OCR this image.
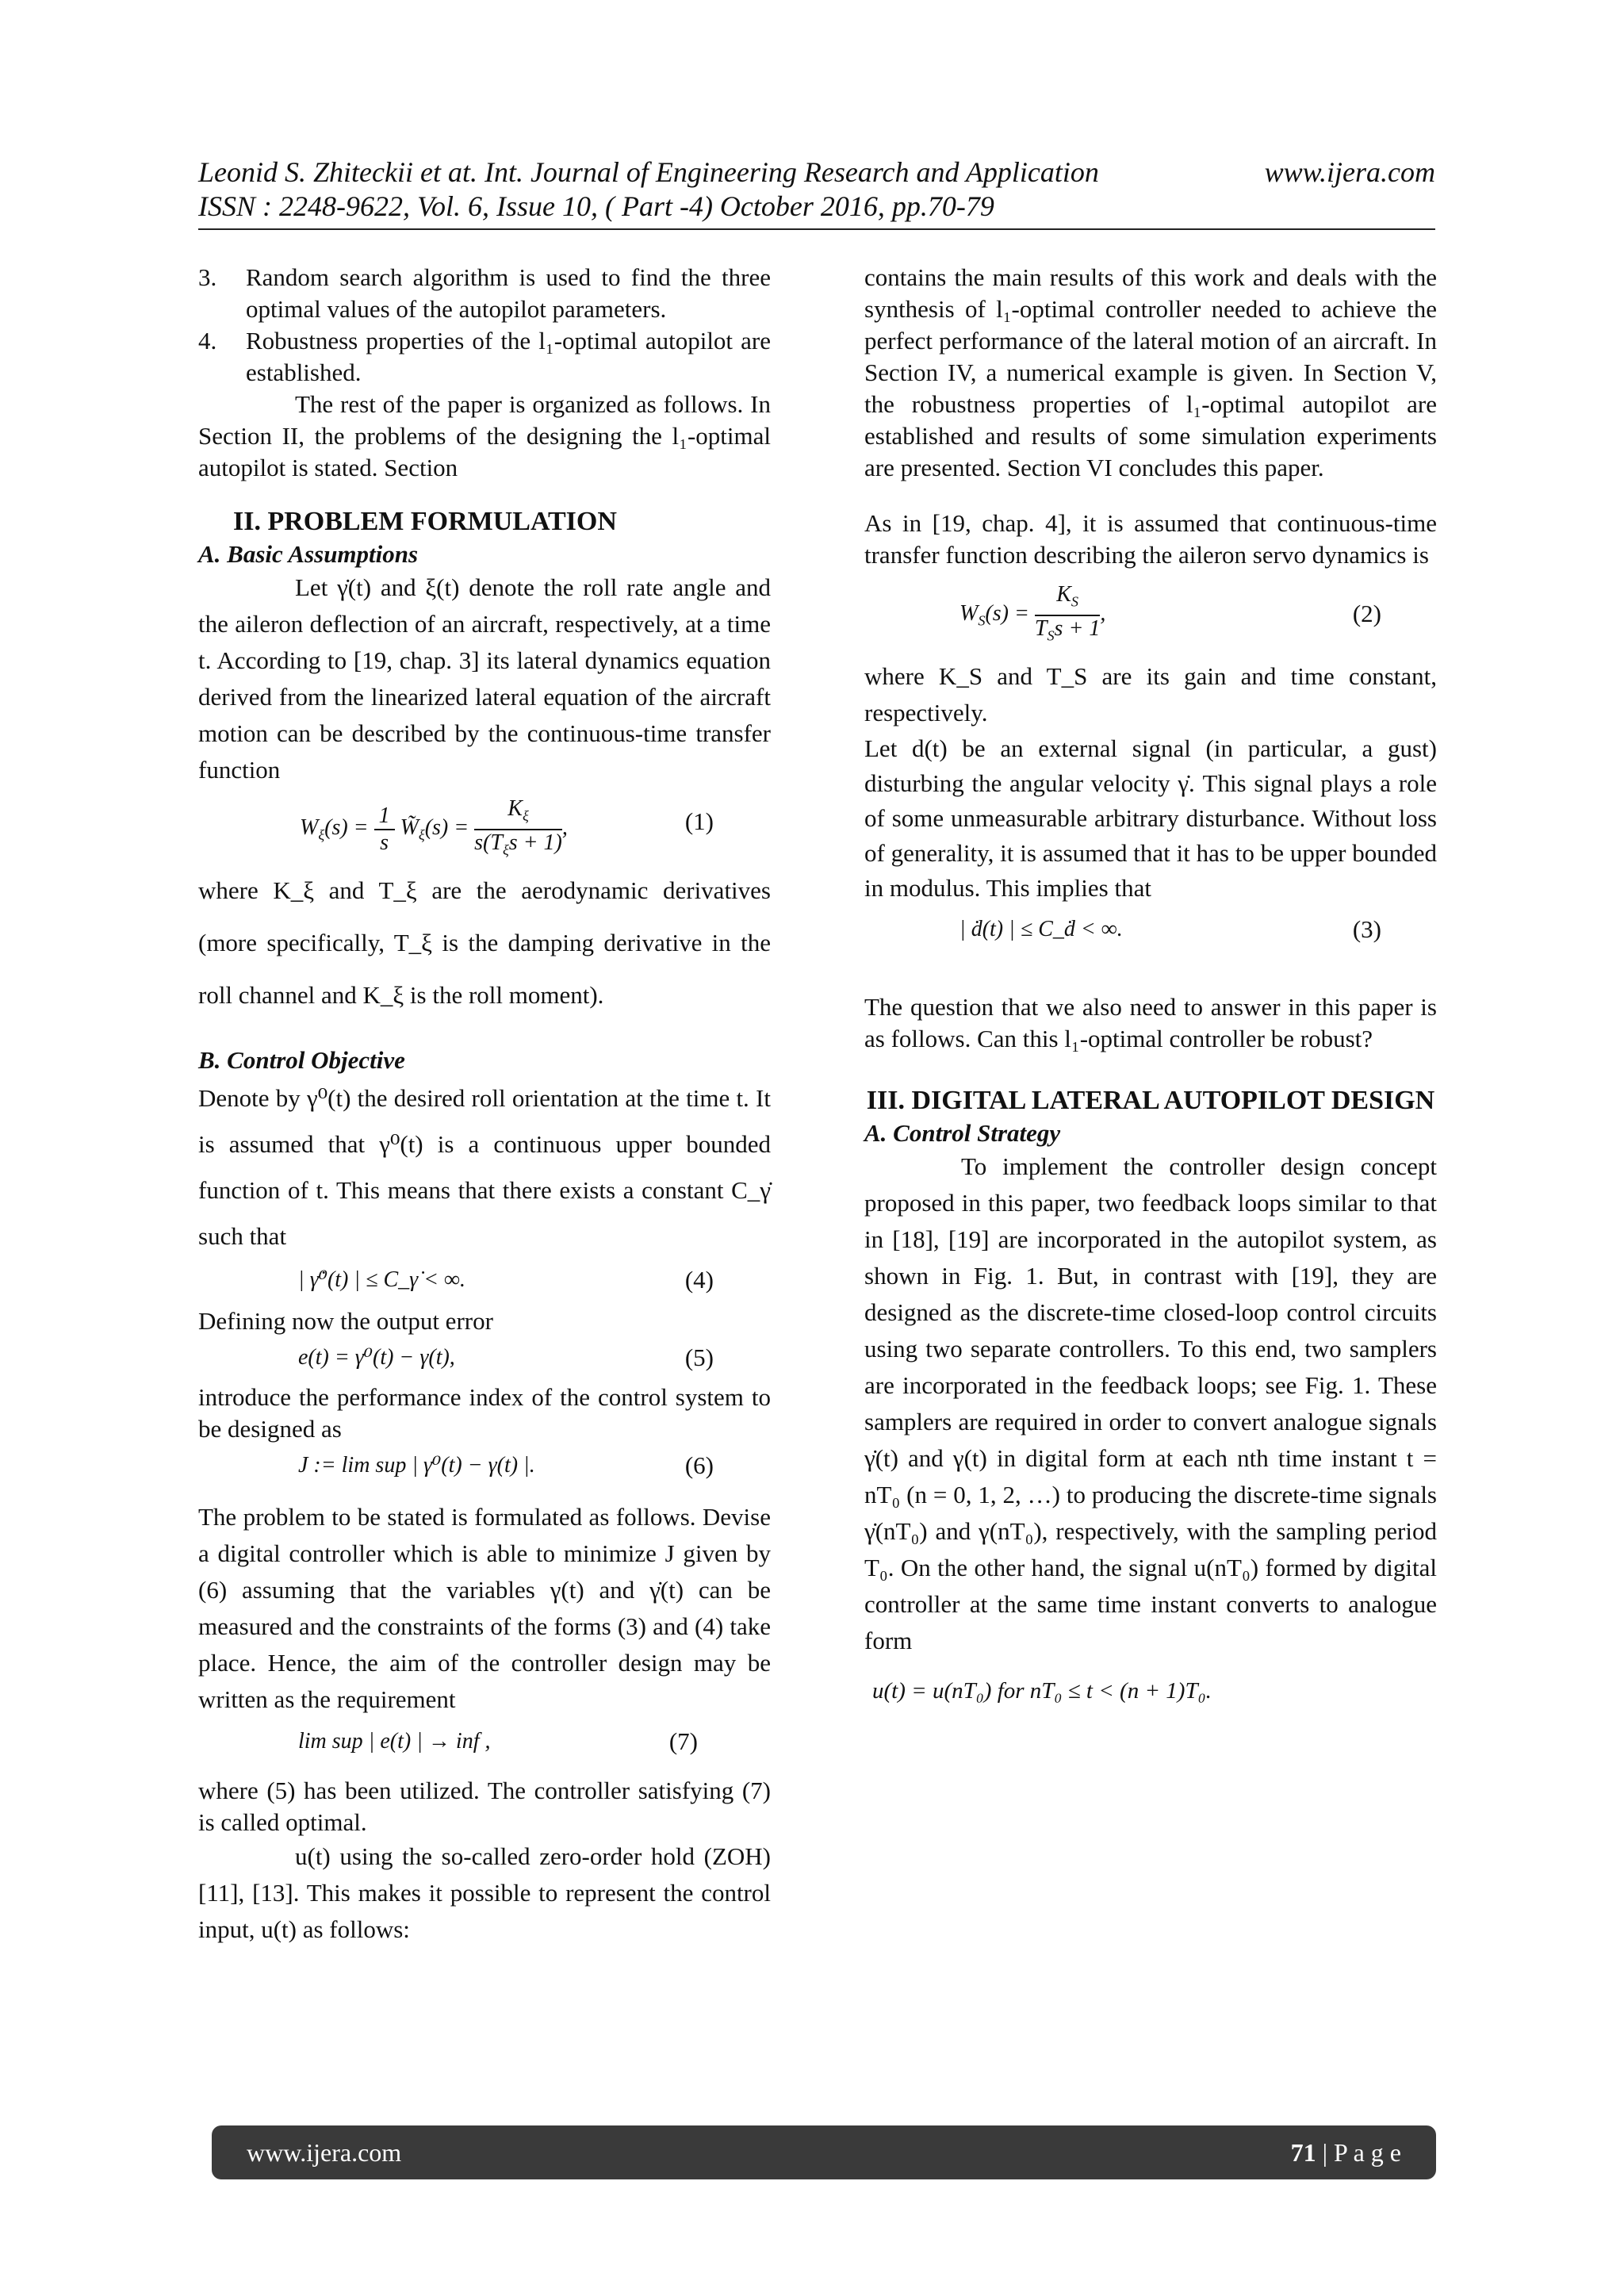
Leonid S. Zhiteckii et at. Int. Journal of Engineering Research and Application	www.ijera.com
ISSN : 2248-9622, Vol. 6, Issue 10, ( Part -4) October 2016, pp.70-79
3.	Random search algorithm is used to find the three optimal values of the autopilot parameters.
4.	Robustness properties of the l₁-optimal autopilot are established.

The rest of the paper is organized as follows. In Section II, the problems of the designing the l₁-optimal autopilot is stated. Section

II. PROBLEM FORMULATION
A. Basic Assumptions

Let γ̇(t) and ξ(t) denote the roll rate angle and the aileron deflection of an aircraft, respectively, at a time t. According to [19, chap. 3] its lateral dynamics equation derived from the linearized lateral equation of the aircraft motion can be described by the continuous-time transfer function

$W_\xi(s) = \frac{1}{s}$ $W̃_\xi(s) = \frac{K_\xi}{s(T_\xi s + 1)}$ ,	(1)

where K_ξ and T_ξ are the aerodynamic derivatives (more specifically, T_ξ is the damping derivative in the roll channel and K_ξ is the roll moment).

B. Control Objective

Denote by γ⁰(t) the desired roll orientation at the time t. It is assumed that γ⁰(t) is a continuous upper bounded function of t. This means that there exists a constant C_γ̇ such that

| γ̇⁰(t) | ≤ C_γ̇ < ∞.	(4)

Defining now the output error

e(t) = γ⁰(t) − γ(t),	(5)

introduce the performance index of the control system to be designed as

J := lim sup | γ⁰(t) − γ(t) |.	(6)

The problem to be stated is formulated as follows. Devise a digital controller which is able to minimize J given by (6) assuming that the variables γ(t) and γ̇(t) can be measured and the constraints of the forms (3) and (4) take place. Hence, the aim of the controller design may be written as the requirement

lim sup | e(t) | → inf ,	(7)

where (5) has been utilized. The controller satisfying (7) is called optimal.

u(t) using the so-called zero-order hold (ZOH) [11], [13]. This makes it possible to represent the control input, u(t) as follows:

contains the main results of this work and deals with the synthesis of l₁-optimal controller needed to achieve the perfect performance of the lateral motion of an aircraft. In Section IV, a numerical example is given. In Section V, the robustness properties of l₁-optimal autopilot are established and results of some simulation experiments are presented. Section VI concludes this paper.

As in [19, chap. 4], it is assumed that continuous-time transfer function describing the aileron servo dynamics is

$W_S(s) = \frac{K_S}{T_Ss + 1}$ ,	(2)

where K_S and T_S are its gain and time constant, respectively.

Let d(t) be an external signal (in particular, a gust) disturbing the angular velocity γ̇. This signal plays a role of some unmeasurable arbitrary disturbance. Without loss of generality, it is assumed that it has to be upper bounded in modulus. This implies that

| ḋ(t) | ≤ C_ḋ < ∞.	(3)

The question that we also need to answer in this paper is as follows. Can this l₁-optimal controller be robust?

III. DIGITAL LATERAL AUTOPILOT DESIGN
A. Control Strategy

To implement the controller design concept proposed in this paper, two feedback loops similar to that in [18], [19] are incorporated in the autopilot system, as shown in Fig. 1. But, in contrast with [19], they are designed as the discrete-time closed-loop control circuits using two separate controllers. To this end, two samplers are incorporated in the feedback loops; see Fig. 1. These samplers are required in order to convert analogue signals γ̇(t) and γ(t) in digital form at each nth time instant t = nT₀ (n = 0, 1, 2, …) to producing the discrete-time signals γ̇(nT₀) and γ(nT₀), respectively, with the sampling period T₀. On the other hand, the signal u(nT₀) formed by digital controller at the same time instant converts to analogue form

u(t) = u(nT₀) for nT₀ ≤ t < (n + 1)T₀.
www.ijera.com	71 | P a g e
